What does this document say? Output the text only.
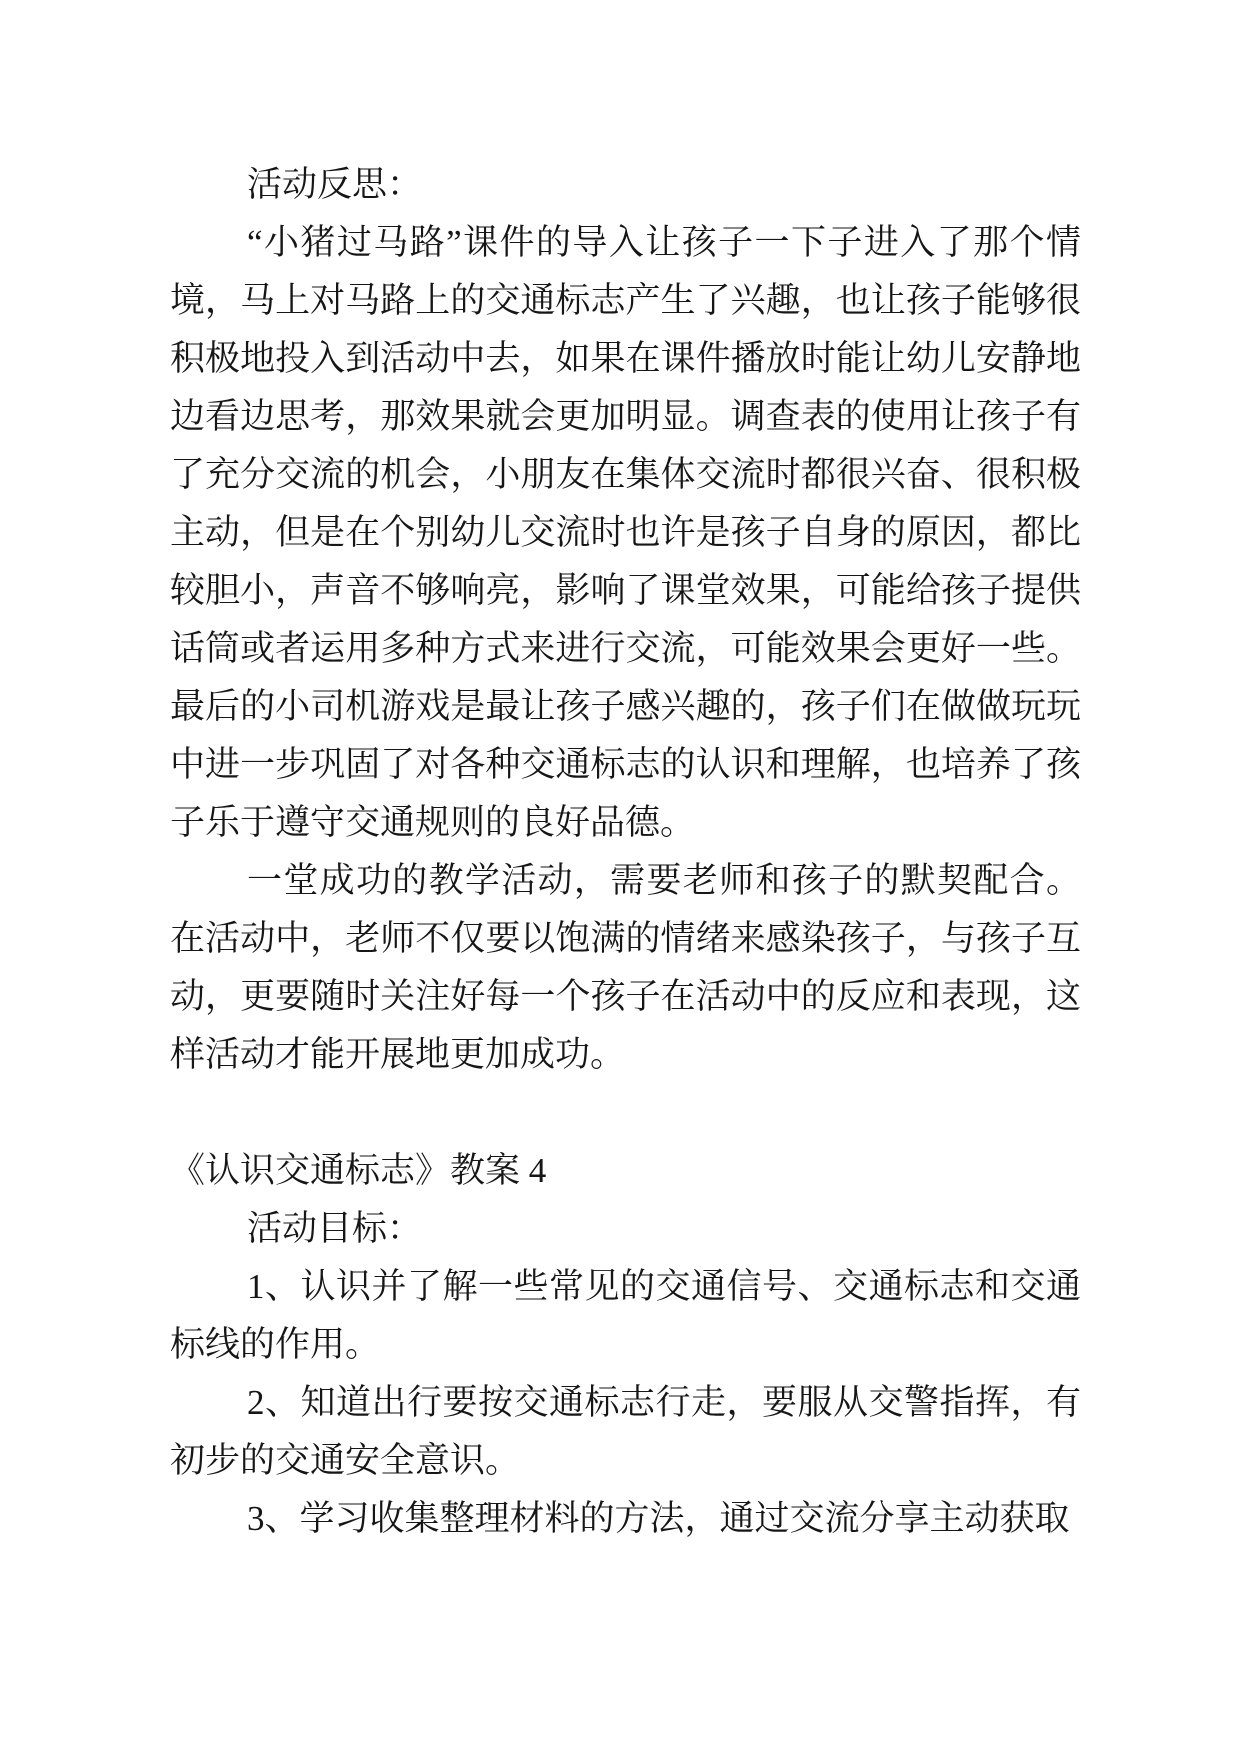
活动反思：

“小猪过马路”课件的导入让孩子一下子进入了那个情境，马上对马路上的交通标志产生了兴趣，也让孩子能够很积极地投入到活动中去，如果在课件播放时能让幼儿安静地边看边思考，那效果就会更加明显。调查表的使用让孩子有了充分交流的机会，小朋友在集体交流时都很兴奋、很积极主动，但是在个别幼儿交流时也许是孩子自身的原因，都比较胆小，声音不够响亮，影响了课堂效果，可能给孩子提供话筒或者运用多种方式来进行交流，可能效果会更好一些。最后的小司机游戏是最让孩子感兴趣的，孩子们在做做玩玩中进一步巩固了对各种交通标志的认识和理解，也培养了孩子乐于遵守交通规则的良好品德。

一堂成功的教学活动，需要老师和孩子的默契配合。在活动中，老师不仅要以饱满的情绪来感染孩子，与孩子互动，更要随时关注好每一个孩子在活动中的反应和表现，这样活动才能开展地更加成功。

《认识交通标志》教案 4

活动目标：

1、认识并了解一些常见的交通信号、交通标志和交通标线的作用。

2、知道出行要按交通标志行走，要服从交警指挥，有初步的交通安全意识。

3、学习收集整理材料的方法，通过交流分享主动获取
